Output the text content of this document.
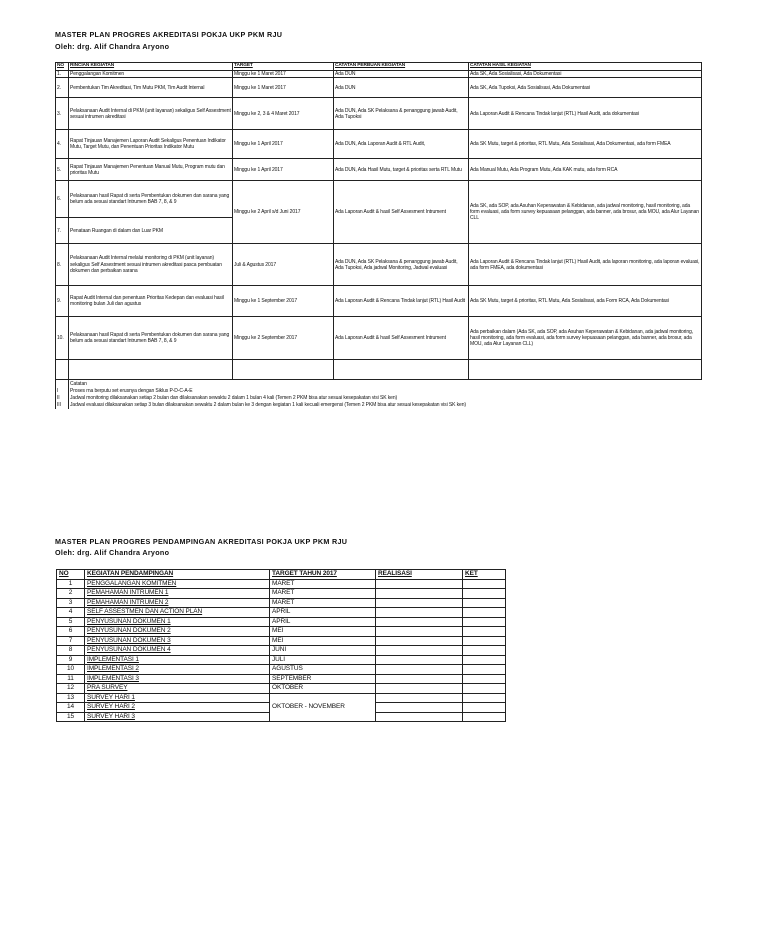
MASTER PLAN PROGRES AKREDITASI POKJA UKP PKM RJU
Oleh: drg. Alif Chandra Aryono
NO	RINCIAN KEGIATAN	TARGET	CATATAN PERBUAN KEGIATAN	CATATAN HASIL KEGIATAN
1.	Penggalangan Komitmen	Minggu ke 1 Maret 2017	Ada DUN	Ada SK, Ada Sosialisasi, Ada Dokumentasi
2.	Pembentukan Tim Akreditasi, Tim Mutu PKM, Tim Audit Internal	Minggu ke 1 Maret 2017	Ada DUN	Ada SK, Ada Tupoksi, Ada Sosialisasi, Ada Dokumentasi
3.	Pelaksanaan Audit Internal di PKM (unit layanan) sekaligus Self Assestment sesuai intrumen akreditasi	Minggu ke 2, 3 & 4 Maret 2017	Ada DUN, Ada SK Pelaksana & penanggung jawab Audit, Ada Tupoksi	Ada Laporan Audit & Rencana Tindak lanjut (RTL) Hasil Audit, ada dokumentasi
4.	Rapat Tinjauan Manajemen Laporan Audit Sekaligus Penentuan Indikator Mutu, Target Mutu, dan Penentuan Prioritas Indikator Mutu	Minggu ke 1 April 2017	Ada DUN, Ada Laporan Audit & RTL Audit,	Ada SK Mutu, target & prioritas, RTL Mutu, Ada Sosialisasi, Ada Dokumentasi, ada form FMEA
5.	Rapat Tinjauan Manajemen Penentuan Manual Mutu, Program mutu dan prioritas Mutu	Minggu ke 1 April 2017	Ada DUN, Ada Hasil Mutu, target & prioritas serta RTL Mutu	Ada Manual Mutu, Ada Program Mutu, Ada KAK mutu, ada form RCA
6.	Pelaksanaan hasil Rapat di serta Pembentukan dokumen dan sarana yang belum ada sesuai standart Intrumen BAB 7, 8, & 9	Minggu ke 2 April s/d Juni 2017	Ada Laporan Audit & hasil Self Assesment Intrument	Ada SK, ada SOP, ada Asuhan Keperawatan & Kebidanan, ada jadwal monitoring, hasil monitoring, ada form evaluasi, ada form survey kepuasaan pelanggan, ada banner, ada brosur, ada MOU, ada Alur Layanan CLL
7.	Penataan Ruangan di dalam dan Luar PKM			
8.	Pelaksanaan Audit Internal melalui monitoring di PKM (unit layanan) sekaligus Self Assestment sesuai intrumen akreditasi pasca pembuatan dokumen dan perbaikan sarana	Juli & Agustus 2017	Ada DUN, Ada SK Pelaksana & penanggung jawab Audit, Ada Tupoksi, Ada jadwal Monitoring, Jadwal evaluasi	Ada Laporan Audit & Rencana Tindak lanjut (RTL) Hasil Audit, ada laporan monitoring, ada laporan evaluasi, ada form FMEA, ada dokumentasi
9.	Rapat Audit Internal dan penentuan Prioritas Kedepan dan evaluasi hasil monitoring bulan Juli dan agustus	Minggu ke 1 September 2017	Ada Laporan Audit & Rencana Tindak lanjut (RTL) Hasil Audit	Ada SK Mutu, target & prioritas, RTL Mutu, Ada Sosialisasi, ada Form RCA, Ada Dokumentasi
10.	Pelaksanaan hasil Rapat di serta Pembentukan dokumen dan sarana yang belum ada sesuai standart Intrumen BAB 7, 8, & 9	Minggu ke 2 September 2017	Ada Laporan Audit & hasil Self Assesment Intrument	Ada perbaikan dalam (Ada SK, ada SOP, ada Asuhan Keperawatan & Kebidanan, ada jadwal monitoring, hasil monitoring, ada form evaluasi, ada form survey kepuasaan pelanggan, ada banner, ada brosur, ada MOU, ada Alur Layanan CLL)

	Catatan			
I	Proses rna berputu set erusnya dengan Siklus P-D-C-A-E			
II	Jadwal monitoring dilaksanakan setiap 2 bulan dan dilaksanakan sewaktu 2 dalam 1 bulan 4 kali (Temen 2 PKM bisa atur sesuai kesepakatan visi SK ken)			
III	Jadwal evaluasi dilaksanakan setiap 3 bulan dilaksanakan sewaktu 2 dalam bulan ke 3 dengan kegiatan 1 kali kecuali emergensi (Temen 2 PKM bisa atur sesuai kesepakatan visi SK ken)			
MASTER PLAN PROGRES PENDAMPINGAN AKREDITASI POKJA UKP PKM RJU
Oleh: drg. Alif Chandra Aryono
NO	KEGIATAN PENDAMPINGAN	TARGET TAHUN 2017	REALISASI	KET
1	PENGGALANGAN KOMITMEN	MARET		
2	PEMAHAMAN INTRUMEN 1	MARET		
3	PEMAHAMAN INTRUMEN 2	MARET		
4	SELF ASSESTMEN DAN ACTION PLAN	APRIL		
5	PENYUSUNAN DOKUMEN 1	APRIL		
6	PENYUSUNAN DOKUMEN 2	MEI		
7	PENYUSUNAN DOKUMEN 3	MEI		
8	PENYUSUNAN DOKUMEN 4	JUNI		
9	IMPLEMENTASI 1	JULI		
10	IMPLEMENTASI 2	AGUSTUS		
11	IMPLEMENTASI 3	SEPTEMBER		
12	PRA SURVEY	OKTOBER		
13	SURVEY HARI 1	OKTOBER - NOVEMBER		
14	SURVEY HARI 2			
15	SURVEY HARI 3			
